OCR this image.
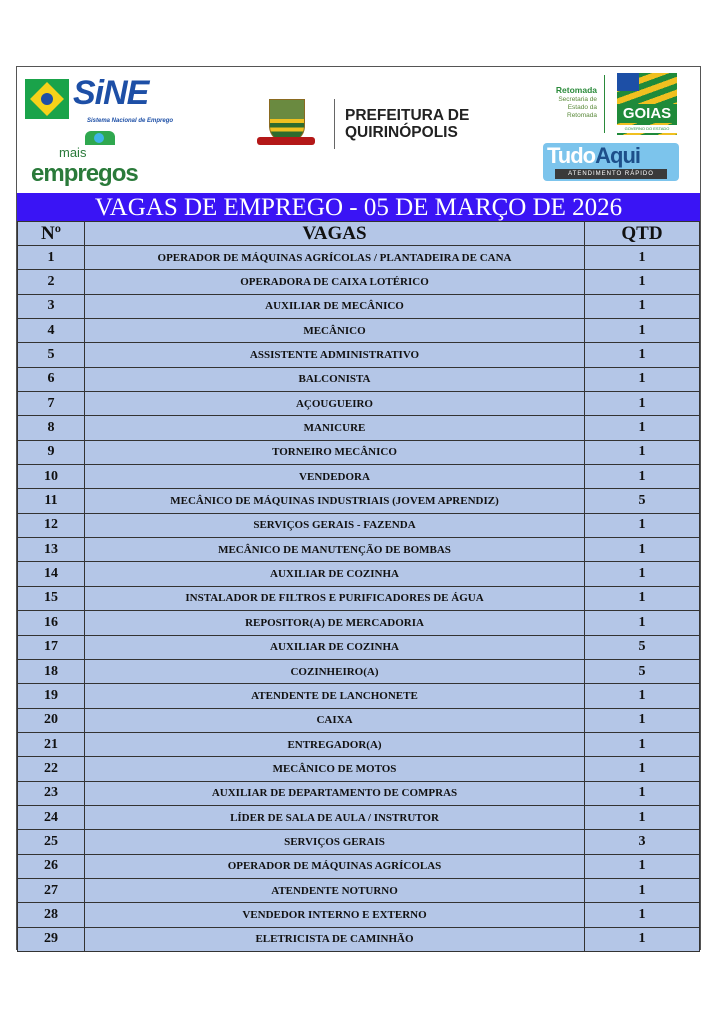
SiNE
Sistema Nacional de Emprego
mais
empregos
PREFEITURA DE
QUIRINÓPOLIS
Retomada
Secretaria de Estado da Retomada	GOIAS
GOVERNO DO ESTADO
TudoAqui
ATENDIMENTO RÁPIDO
VAGAS DE EMPREGO - 05 DE MARÇO DE 2026
Nº	VAGAS	QTD
1	OPERADOR DE MÁQUINAS AGRÍCOLAS / PLANTADEIRA DE CANA	1
2	OPERADORA DE CAIXA LOTÉRICO	1
3	AUXILIAR DE MECÂNICO	1
4	MECÂNICO	1
5	ASSISTENTE ADMINISTRATIVO	1
6	BALCONISTA	1
7	AÇOUGUEIRO	1
8	MANICURE	1
9	TORNEIRO MECÂNICO	1
10	VENDEDORA	1
11	MECÂNICO DE MÁQUINAS INDUSTRIAIS (JOVEM APRENDIZ)	5
12	SERVIÇOS GERAIS - FAZENDA	1
13	MECÂNICO DE MANUTENÇÃO DE BOMBAS	1
14	AUXILIAR DE COZINHA	1
15	INSTALADOR DE FILTROS E PURIFICADORES DE ÁGUA	1
16	REPOSITOR(A) DE MERCADORIA	1
17	AUXILIAR DE COZINHA	5
18	COZINHEIRO(A)	5
19	ATENDENTE DE LANCHONETE	1
20	CAIXA	1
21	ENTREGADOR(A)	1
22	MECÂNICO DE MOTOS	1
23	AUXILIAR DE DEPARTAMENTO DE COMPRAS	1
24	LÍDER DE SALA DE AULA / INSTRUTOR	1
25	SERVIÇOS GERAIS	3
26	OPERADOR DE MÁQUINAS AGRÍCOLAS	1
27	ATENDENTE NOTURNO	1
28	VENDEDOR INTERNO E EXTERNO	1
29	ELETRICISTA DE CAMINHÃO	1
